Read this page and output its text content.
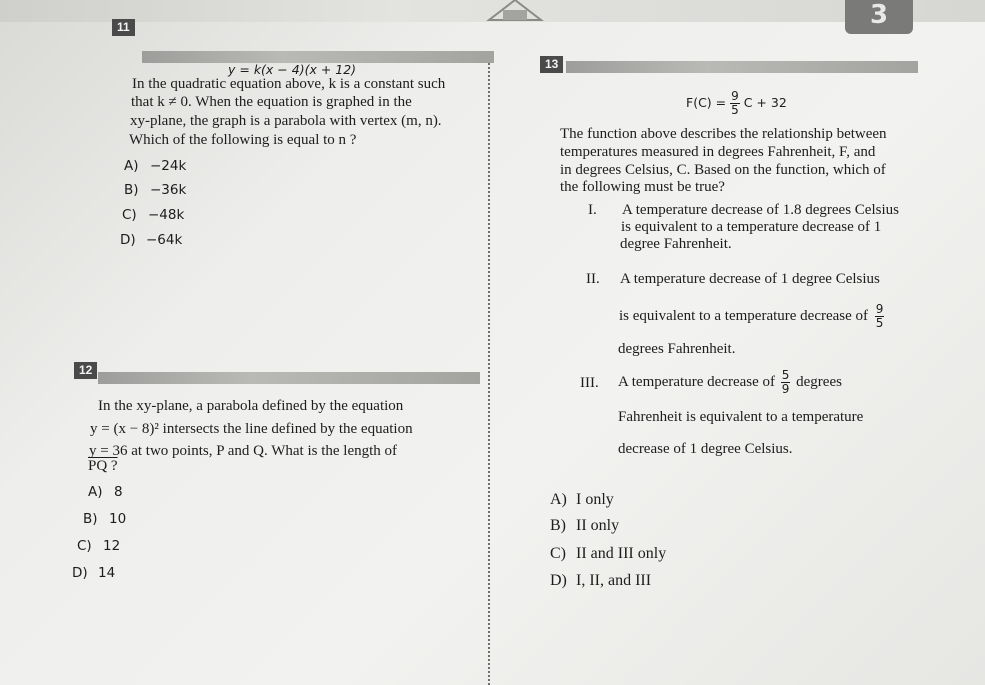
3
11
y = k(x − 4)(x + 12)
In the quadratic equation above, k is a constant such
that k ≠ 0. When the equation is graphed in the
xy-plane, the graph is a parabola with vertex (m, n).
Which of the following is equal to n ?
A) −24k
B) −36k
C) −48k
D) −64k
12
In the xy-plane, a parabola defined by the equation
y = (x − 8)² intersects the line defined by the equation
y = 36 at two points, P and Q. What is the length of
PQ ?
A) 8
B) 10
C) 12
D) 14
13
$F(C) = \frac{9}{5}$ C + 32
The function above describes the relationship between
temperatures measured in degrees Fahrenheit, F, and
in degrees Celsius, C. Based on the function, which of
the following must be true?
I. A temperature decrease of 1.8 degrees Celsius
is equivalent to a temperature decrease of 1
degree Fahrenheit.
II. A temperature decrease of 1 degree Celsius
is equivalent to a temperature decrease of $\frac{9}{5}$
degrees Fahrenheit.
III. A temperature decrease of $\frac{5}{9}$ degrees
Fahrenheit is equivalent to a temperature
decrease of 1 degree Celsius.
A) I only
B) II only
C) II and III only
D) I, II, and III
